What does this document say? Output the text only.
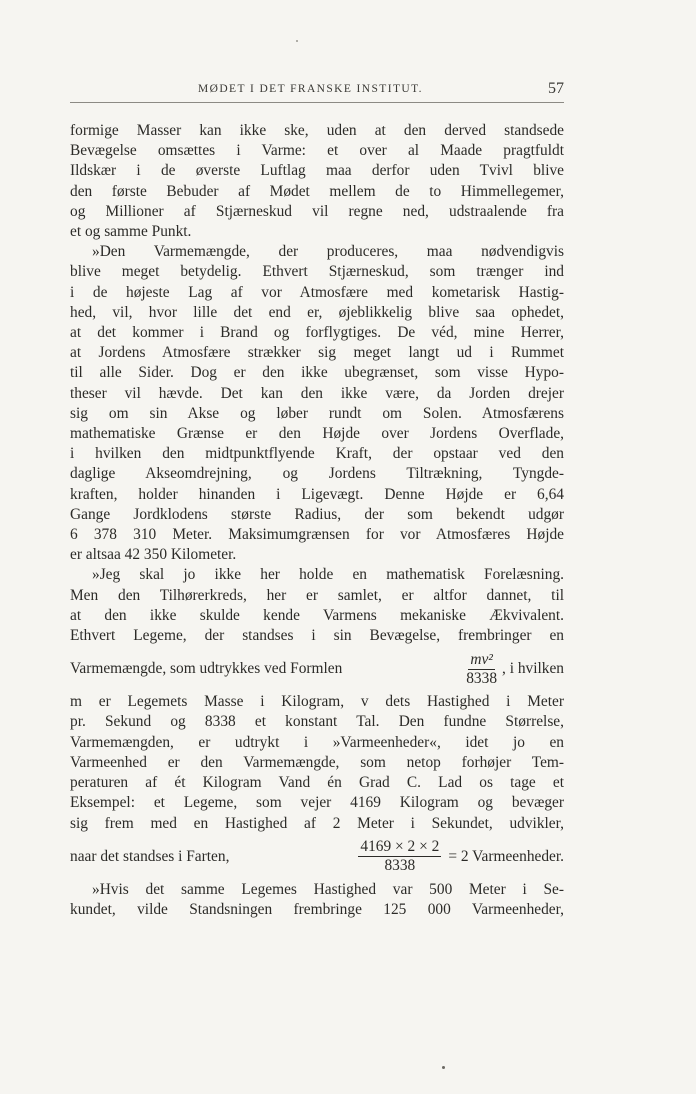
MØDET I DET FRANSKE INSTITUT.	57
formige Masser kan ikke ske, uden at den derved standsede
Bevægelse omsættes i Varme: et over al Maade pragtfuldt
Ildskær i de øverste Luftlag maa derfor uden Tvivl blive
den første Bebuder af Mødet mellem de to Himmellegemer,
og Millioner af Stjærneskud vil regne ned, udstraalende fra
et og samme Punkt.
»Den Varmemængde, der produceres, maa nødvendigvis
blive meget betydelig. Ethvert Stjærneskud, som trænger ind
i de højeste Lag af vor Atmosfære med kometarisk Hastig-
hed, vil, hvor lille det end er, øjeblikkelig blive saa ophedet,
at det kommer i Brand og forflygtiges. De véd, mine Herrer,
at Jordens Atmosfære strækker sig meget langt ud i Rummet
til alle Sider. Dog er den ikke ubegrænset, som visse Hypo-
theser vil hævde. Det kan den ikke være, da Jorden drejer
sig om sin Akse og løber rundt om Solen. Atmosfærens
mathematiske Grænse er den Højde over Jordens Overflade,
i hvilken den midtpunktflyende Kraft, der opstaar ved den
daglige Akseomdrejning, og Jordens Tiltrækning, Tyngde-
kraften, holder hinanden i Ligevægt. Denne Højde er 6,64
Gange Jordklodens største Radius, der som bekendt udgør
6 378 310 Meter. Maksimumgrænsen for vor Atmosfæres Højde
er altsaa 42 350 Kilometer.
»Jeg skal jo ikke her holde en mathematisk Forelæsning.
Men den Tilhørerkreds, her er samlet, er altfor dannet, til
at den ikke skulde kende Varmens mekaniske Ækvivalent.
Ethvert Legeme, der standses i sin Bevægelse, frembringer en
Varmemængde, som udtrykkes ved Formlen	$\frac{\text{mv²}}{8338}$ , i hvilken
m er Legemets Masse i Kilogram, v dets Hastighed i Meter
pr. Sekund og 8338 et konstant Tal. Den fundne Størrelse,
Varmemængden, er udtrykt i »Varmeenheder«, idet jo en
Varmeenhed er den Varmemængde, som netop forhøjer Tem-
peraturen af ét Kilogram Vand én Grad C. Lad os tage et
Eksempel: et Legeme, som vejer 4169 Kilogram og bevæger
sig frem med en Hastighed af 2 Meter i Sekundet, udvikler,
naar det standses i Farten,	$\frac{4169 \times 2 \times 2}{8338} = 2$ Varmeenheder.
»Hvis det samme Legemes Hastighed var 500 Meter i Se-
kundet, vilde Standsningen frembringe 125 000 Varmeenheder,
